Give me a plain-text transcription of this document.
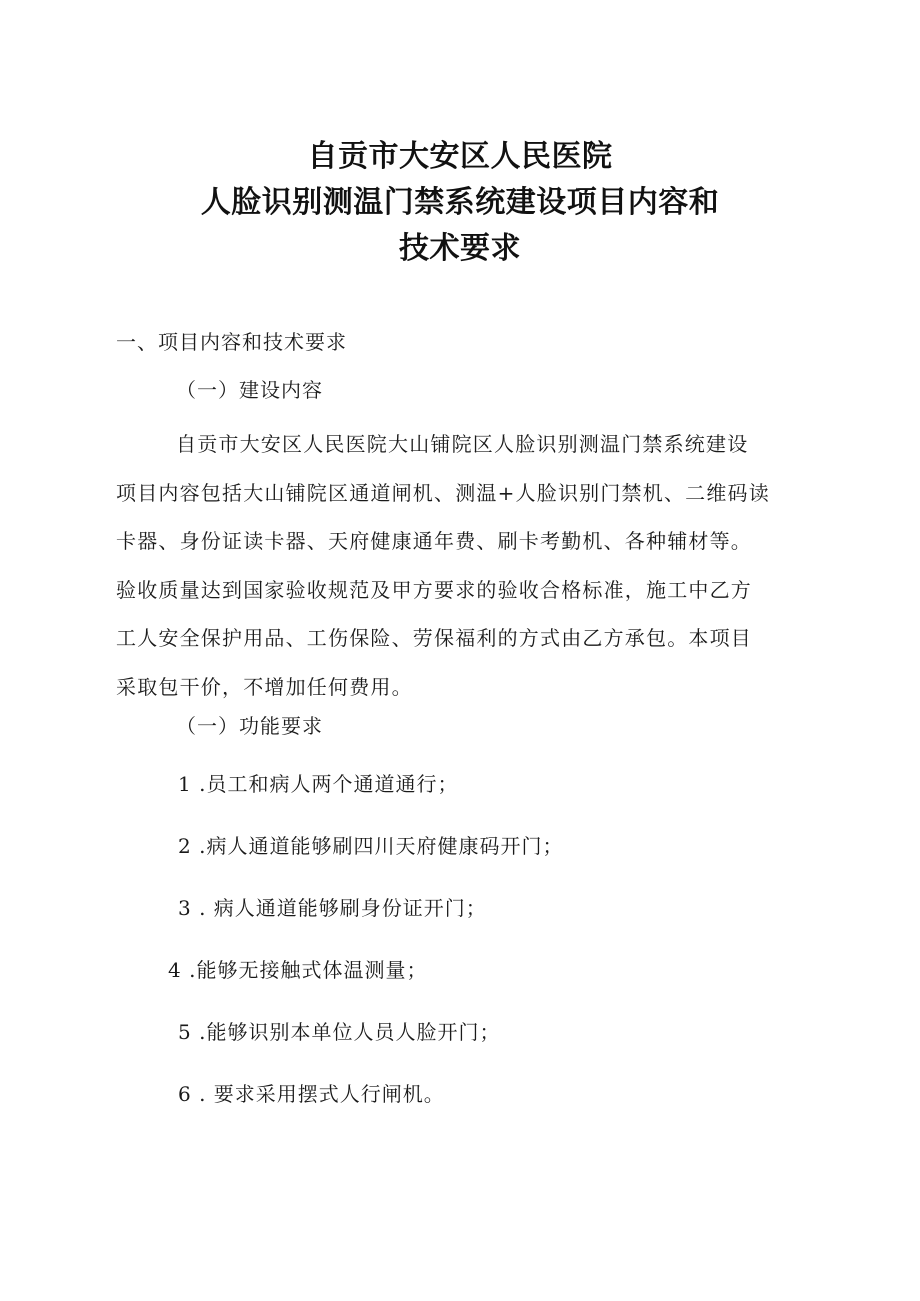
自贡市大安区人民医院
人脸识别测温门禁系统建设项目内容和
技术要求
一、项目内容和技术要求
（一）建设内容
自贡市大安区人民医院大山铺院区人脸识别测温门禁系统建设
项目内容包括大山铺院区通道闸机、测温+人脸识别门禁机、二维码读
卡器、身份证读卡器、天府健康通年费、刷卡考勤机、各种辅材等。
验收质量达到国家验收规范及甲方要求的验收合格标准，施工中乙方
工人安全保护用品、工伤保险、劳保福利的方式由乙方承包。本项目
采取包干价，不增加任何费用。
（一）功能要求
1 .员工和病人两个通道通行；
2 .病人通道能够刷四川天府健康码开门；
3 . 病人通道能够刷身份证开门；
4 .能够无接触式体温测量；
5 .能够识别本单位人员人脸开门；
6 . 要求采用摆式人行闸机。
